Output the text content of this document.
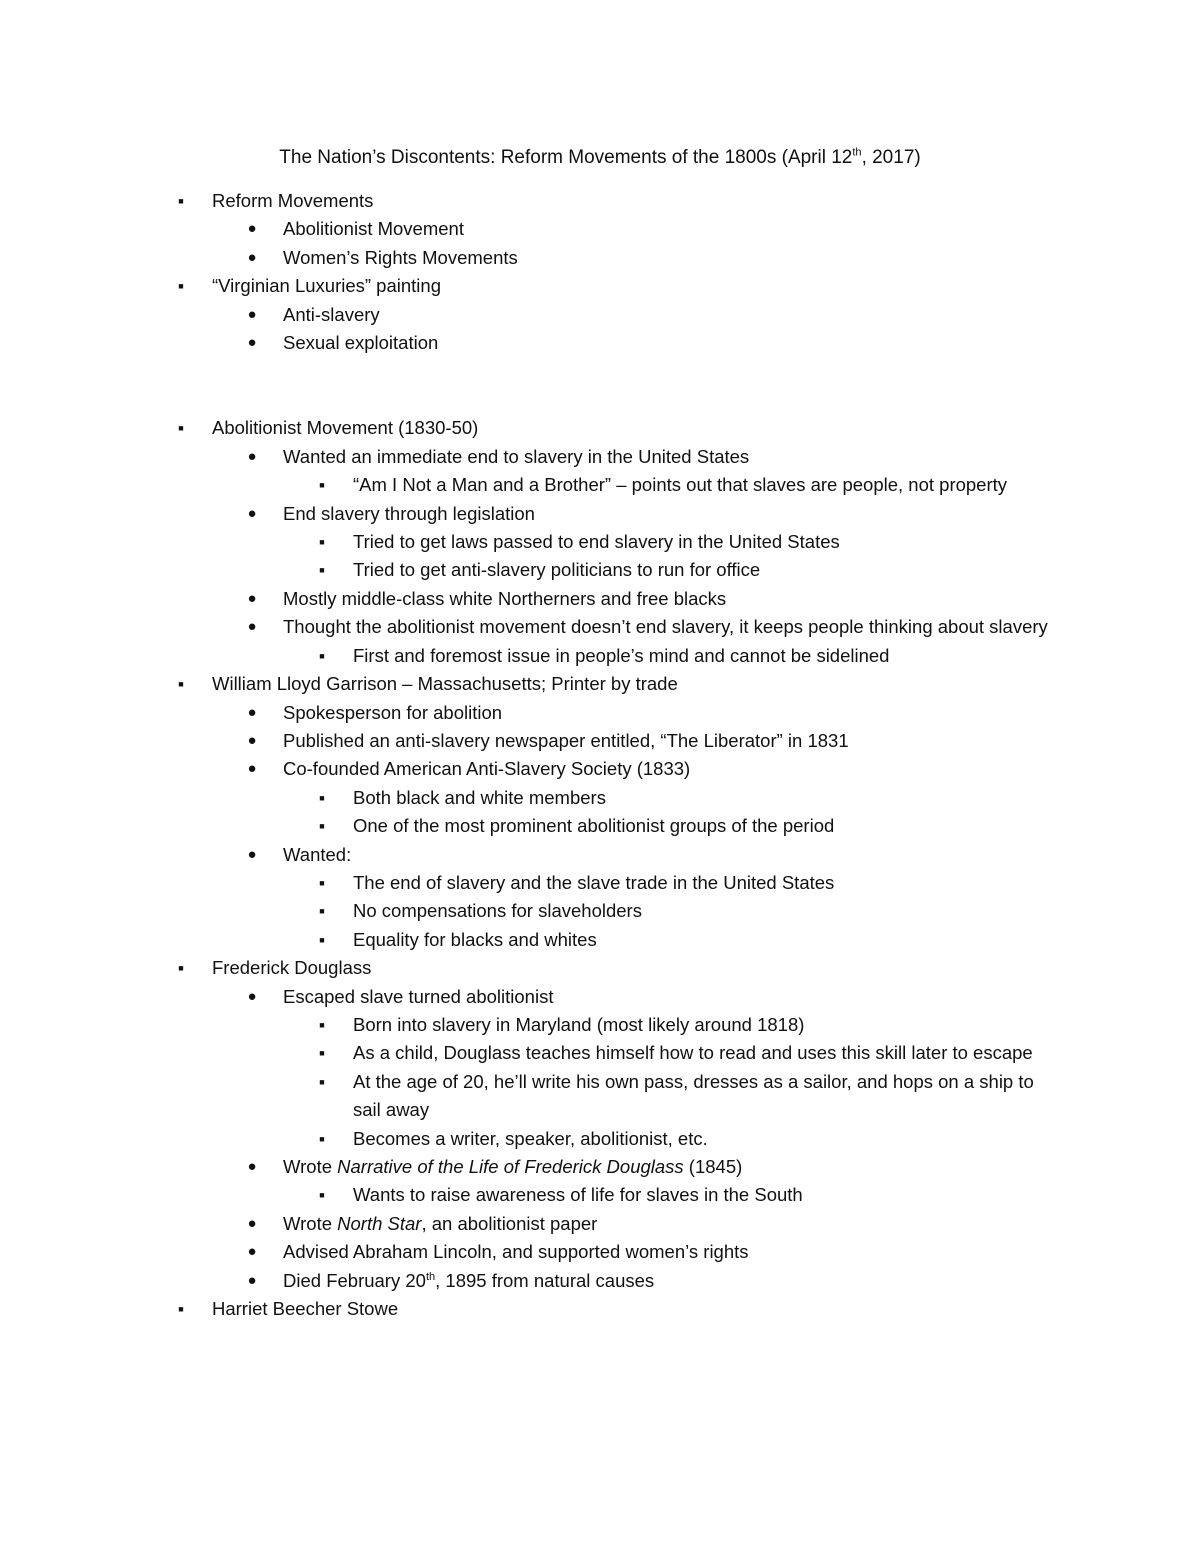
The Nation’s Discontents: Reform Movements of the 1800s (April 12th, 2017)
■	Reform Movements
● Abolitionist Movement
● Women’s Rights Movements
■	“Virginian Luxuries” painting
● Anti-slavery
● Sexual exploitation
■	Abolitionist Movement (1830-50)
● Wanted an immediate end to slavery in the United States
■	“Am I Not a Man and a Brother” – points out that slaves are people, not property
● End slavery through legislation
■	Tried to get laws passed to end slavery in the United States
■	Tried to get anti-slavery politicians to run for office
● Mostly middle-class white Northerners and free blacks
● Thought the abolitionist movement doesn’t end slavery, it keeps people thinking about slavery
■	First and foremost issue in people’s mind and cannot be sidelined
■	William Lloyd Garrison – Massachusetts; Printer by trade
● Spokesperson for abolition
● Published an anti-slavery newspaper entitled, “The Liberator” in 1831
● Co-founded American Anti-Slavery Society (1833)
■	Both black and white members
■	One of the most prominent abolitionist groups of the period
● Wanted:
■	The end of slavery and the slave trade in the United States
■	No compensations for slaveholders
■	Equality for blacks and whites
■	Frederick Douglass
● Escaped slave turned abolitionist
■	Born into slavery in Maryland (most likely around 1818)
■	As a child, Douglass teaches himself how to read and uses this skill later to escape
■	At the age of 20, he’ll write his own pass, dresses as a sailor, and hops on a ship to sail away
■	Becomes a writer, speaker, abolitionist, etc.
● Wrote Narrative of the Life of Frederick Douglass (1845)
■	Wants to raise awareness of life for slaves in the South
● Wrote North Star, an abolitionist paper
● Advised Abraham Lincoln, and supported women’s rights
● Died February 20th, 1895 from natural causes
■	Harriet Beecher Stowe
